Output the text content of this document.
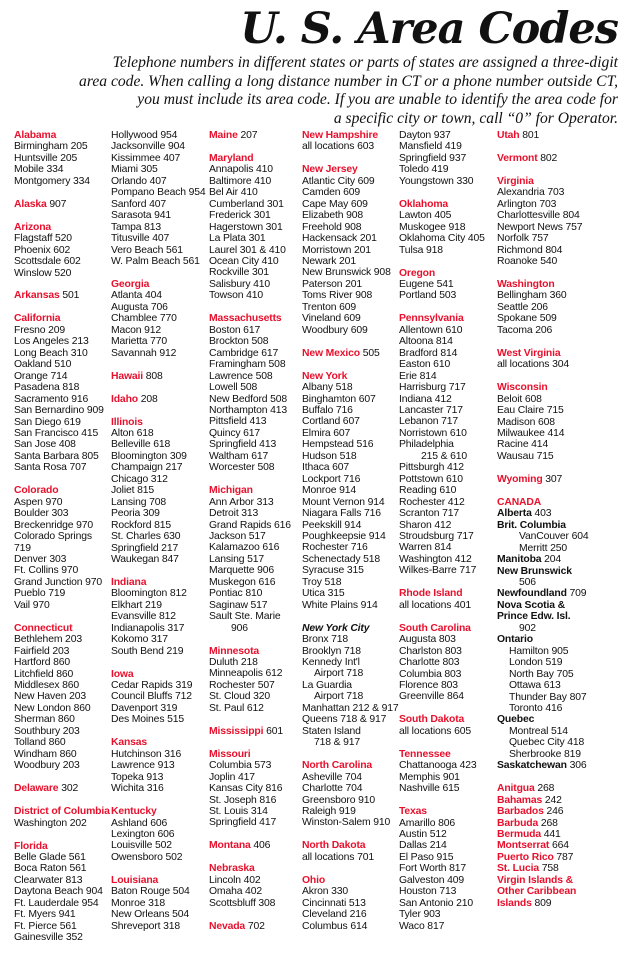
U. S. Area Codes
Telephone numbers in different states or parts of states are assigned a three-digit
area code. When calling a long distance number in CT or a phone number outside CT,
you must include its area code. If you are unable to identify the area code for
a specific city or town, call “0” for Operator.
Alabama
Birmingham 205
Huntsville 205
Mobile 334
Montgomery 334
Alaska 907
Arizona
Flagstaff 520
Phoenix 602
Scottsdale 602
Winslow 520
Arkansas 501
California
Fresno 209
Los Angeles 213
Long Beach 310
Oakland 510
Orange 714
Pasadena 818
Sacramento 916
San Bernardino 909
San Diego 619
San Francisco 415
San Jose 408
Santa Barbara 805
Santa Rosa 707
Colorado
Aspen 970
Boulder 303
Breckenridge 970
Colorado Springs
719
Denver 303
Ft. Collins 970
Grand Junction 970
Pueblo 719
Vail 970
Connecticut
Bethlehem 203
Fairfield 203
Hartford 860
Litchfield 860
Middlesex 860
New Haven 203
New London 860
Sherman 860
Southbury 203
Tolland 860
Windham 860
Woodbury 203
Delaware 302
District of Columbia
Washington 202
Florida
Belle Glade 561
Boca Raton 561
Clearwater 813
Daytona Beach 904
Ft. Lauderdale 954
Ft. Myers 941
Ft. Pierce 561
Gainesville 352
Hollywood 954
Jacksonville 904
Kissimmee 407
Miami 305
Orlando 407
Pompano Beach 954
Sanford 407
Sarasota 941
Tampa 813
Titusville 407
Vero Beach 561
W. Palm Beach 561
Georgia
Atlanta 404
Augusta 706
Chamblee 770
Macon 912
Marietta 770
Savannah 912
Hawaii 808
Idaho 208
Illinois
Alton 618
Belleville 618
Bloomington 309
Champaign 217
Chicago 312
Joliet 815
Lansing 708
Peoria 309
Rockford 815
St. Charles 630
Springfield 217
Waukegan 847
Indiana
Bloomington 812
Elkhart 219
Evansville 812
Indianapolis 317
Kokomo 317
South Bend 219
Iowa
Cedar Rapids 319
Council Bluffs 712
Davenport 319
Des Moines 515
Kansas
Hutchinson 316
Lawrence 913
Topeka 913
Wichita 316
Kentucky
Ashland 606
Lexington 606
Louisville 502
Owensboro 502
Louisiana
Baton Rouge 504
Monroe 318
New Orleans 504
Shreveport 318
Maine 207
Maryland
Annapolis 410
Baltimore 410
Bel Air 410
Cumberland 301
Frederick 301
Hagerstown 301
La Plata 301
Laurel 301 & 410
Ocean City 410
Rockville 301
Salisbury 410
Towson 410
Massachusetts
Boston 617
Brockton 508
Cambridge 617
Framingham 508
Lawrence 508
Lowell 508
New Bedford 508
Northampton 413
Pittsfield 413
Quincy 617
Springfield 413
Waltham 617
Worcester 508
Michigan
Ann Arbor 313
Detroit 313
Grand Rapids 616
Jackson 517
Kalamazoo 616
Lansing 517
Marquette 906
Muskegon 616
Pontiac 810
Saginaw 517
Sault Ste. Marie
906
Minnesota
Duluth 218
Minneapolis 612
Rochester 507
St. Cloud 320
St. Paul 612
Mississippi 601
Missouri
Columbia 573
Joplin 417
Kansas City 816
St. Joseph 816
St. Louis 314
Springfield 417
Montana 406
Nebraska
Lincoln 402
Omaha 402
Scottsbluff 308
Nevada 702
New Hampshire
all locations 603
New Jersey
Atlantic City 609
Camden 609
Cape May 609
Elizabeth 908
Freehold 908
Hackensack 201
Morristown 201
Newark 201
New Brunswick 908
Paterson 201
Toms River 908
Trenton 609
Vineland 609
Woodbury 609
New Mexico 505
New York
Albany 518
Binghamton 607
Buffalo 716
Cortland 607
Elmira 607
Hempstead 516
Hudson 518
Ithaca 607
Lockport 716
Monroe 914
Mount Vernon 914
Niagara Falls 716
Peekskill 914
Poughkeepsie 914
Rochester 716
Schenectady 518
Syracuse 315
Troy 518
Utica 315
White Plains 914
New York City
Bronx 718
Brooklyn 718
Kennedy Int'l
Airport 718
La Guardia
Airport 718
Manhattan 212 & 917
Queens 718 & 917
Staten Island
718 & 917
North Carolina
Asheville 704
Charlotte 704
Greensboro 910
Raleigh 919
Winston-Salem 910
North Dakota
all locations 701
Ohio
Akron 330
Cincinnati 513
Cleveland 216
Columbus 614
Dayton 937
Mansfield 419
Springfield 937
Toledo 419
Youngstown 330
Oklahoma
Lawton 405
Muskogee 918
Oklahoma City 405
Tulsa 918
Oregon
Eugene 541
Portland 503
Pennsylvania
Allentown 610
Altoona 814
Bradford 814
Easton 610
Erie 814
Harrisburg 717
Indiana 412
Lancaster 717
Lebanon 717
Norristown 610
Philadelphia
215 & 610
Pittsburgh 412
Pottstown 610
Reading 610
Rochester 412
Scranton 717
Sharon 412
Stroudsburg 717
Warren 814
Washington 412
Wilkes-Barre 717
Rhode Island
all locations 401
South Carolina
Augusta 803
Charlston 803
Charlotte 803
Columbia 803
Florence 803
Greenville 864
South Dakota
all locations 605
Tennessee
Chattanooga 423
Memphis 901
Nashville 615
Texas
Amarillo 806
Austin 512
Dallas 214
El Paso 915
Fort Worth 817
Galveston 409
Houston 713
San Antonio 210
Tyler 903
Waco 817
Utah 801
Vermont 802
Virginia
Alexandria 703
Arlington 703
Charlottesville 804
Newport News 757
Norfolk 757
Richmond 804
Roanoke 540
Washington
Bellingham 360
Seattle 206
Spokane 509
Tacoma 206
West Virginia
all locations 304
Wisconsin
Beloit 608
Eau Claire 715
Madison 608
Milwaukee 414
Racine 414
Wausau 715
Wyoming 307
CANADA
Alberta 403
Brit. Columbia
VanCouver 604
Merritt 250
Manitoba 204
New Brunswick
506
Newfoundland 709
Nova Scotia &
Prince Edw. Isl.
902
Ontario
Hamilton 905
London 519
North Bay 705
Ottawa 613
Thunder Bay 807
Toronto 416
Quebec
Montreal 514
Quebec City 418
Sherbrooke 819
Saskatchewan 306
Anitgua 268
Bahamas 242
Barbados 246
Barbuda 268
Bermuda 441
Montserrat 664
Puerto Rico 787
St. Lucia 758
Virgin Islands &
Other Caribbean
Islands 809
